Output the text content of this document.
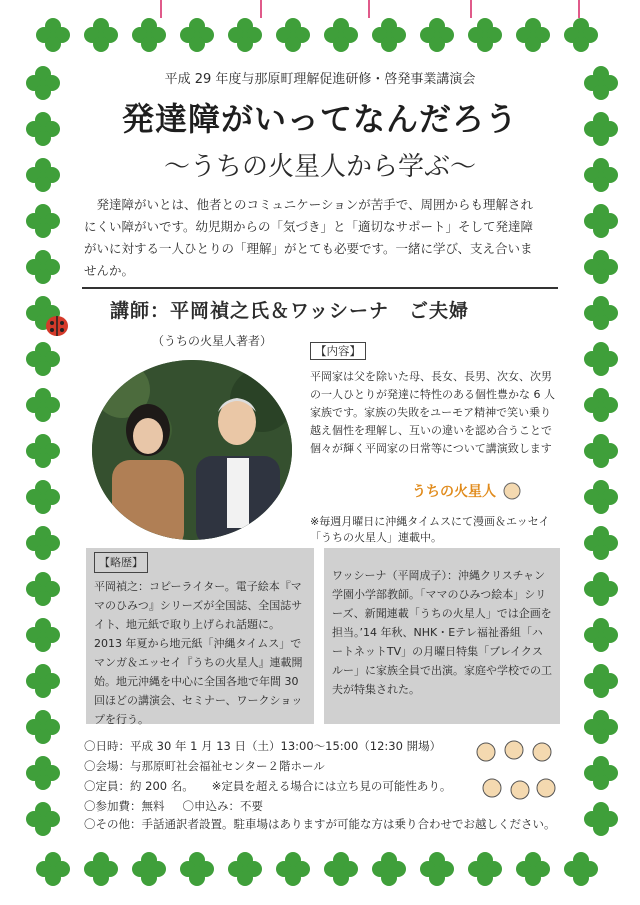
平成 29 年度与那原町理解促進研修・啓発事業講演会
発達障がいってなんだろう
〜うちの火星人から学ぶ〜
発達障がいとは、他者とのコミュニケーションが苦手で、周囲からも理解され
にくい障がいです。幼児期からの「気づき」と「適切なサポート」そして発達障
がいに対する一人ひとりの「理解」がとても必要です。一緒に学び、支え合いま
せんか。
講師：平岡禎之氏＆ワッシーナ　ご夫婦
（うちの火星人著者）
【内容】
平岡家は父を除いた母、長女、長男、次女、次男の一人ひとりが発達に特性のある個性豊かな 6 人家族です。家族の失敗をユーモア精神で笑い乗り越え個性を理解し、互いの違いを認め合うことで個々が輝く平岡家の日常等について講演致します
うちの火星人
※毎週月曜日に沖縄タイムスにて漫画＆エッセイ「うちの火星人」連載中。
【略歴】
平岡禎之：コピーライター。電子絵本『ママのひみつ』シリーズが全国誌、全国誌サイト、地元紙で取り上げられ話題に。2013 年夏から地元紙「沖縄タイムス」でマンガ＆エッセイ『うちの火星人』連載開始。地元沖縄を中心に全国各地で年間 30 回ほどの講演会、セミナー、ワークショップを行う。
ワッシーナ（平岡成子）：沖縄クリスチャン学園小学部教師。「ママのひみつ絵本」シリーズ、新聞連載「うちの火星人」では企画を担当。’14 年秋、NHK・Eテレ福祉番組「ハートネットTV」の月曜日特集「ブレイクスルー」に家族全員で出演。家庭や学校での工夫が特集された。
〇日時：平成 30 年 1 月 13 日（土）13:00〜15:00（12:30 開場）
〇会場：与那原町社会福祉センター２階ホール
〇定員：約 200 名。 ※定員を超える場合には立ち見の可能性あり。
〇参加費：無料 〇申込み：不要
〇その他：手話通訳者設置。駐車場はありますが可能な方は乗り合わせでお越しください。
